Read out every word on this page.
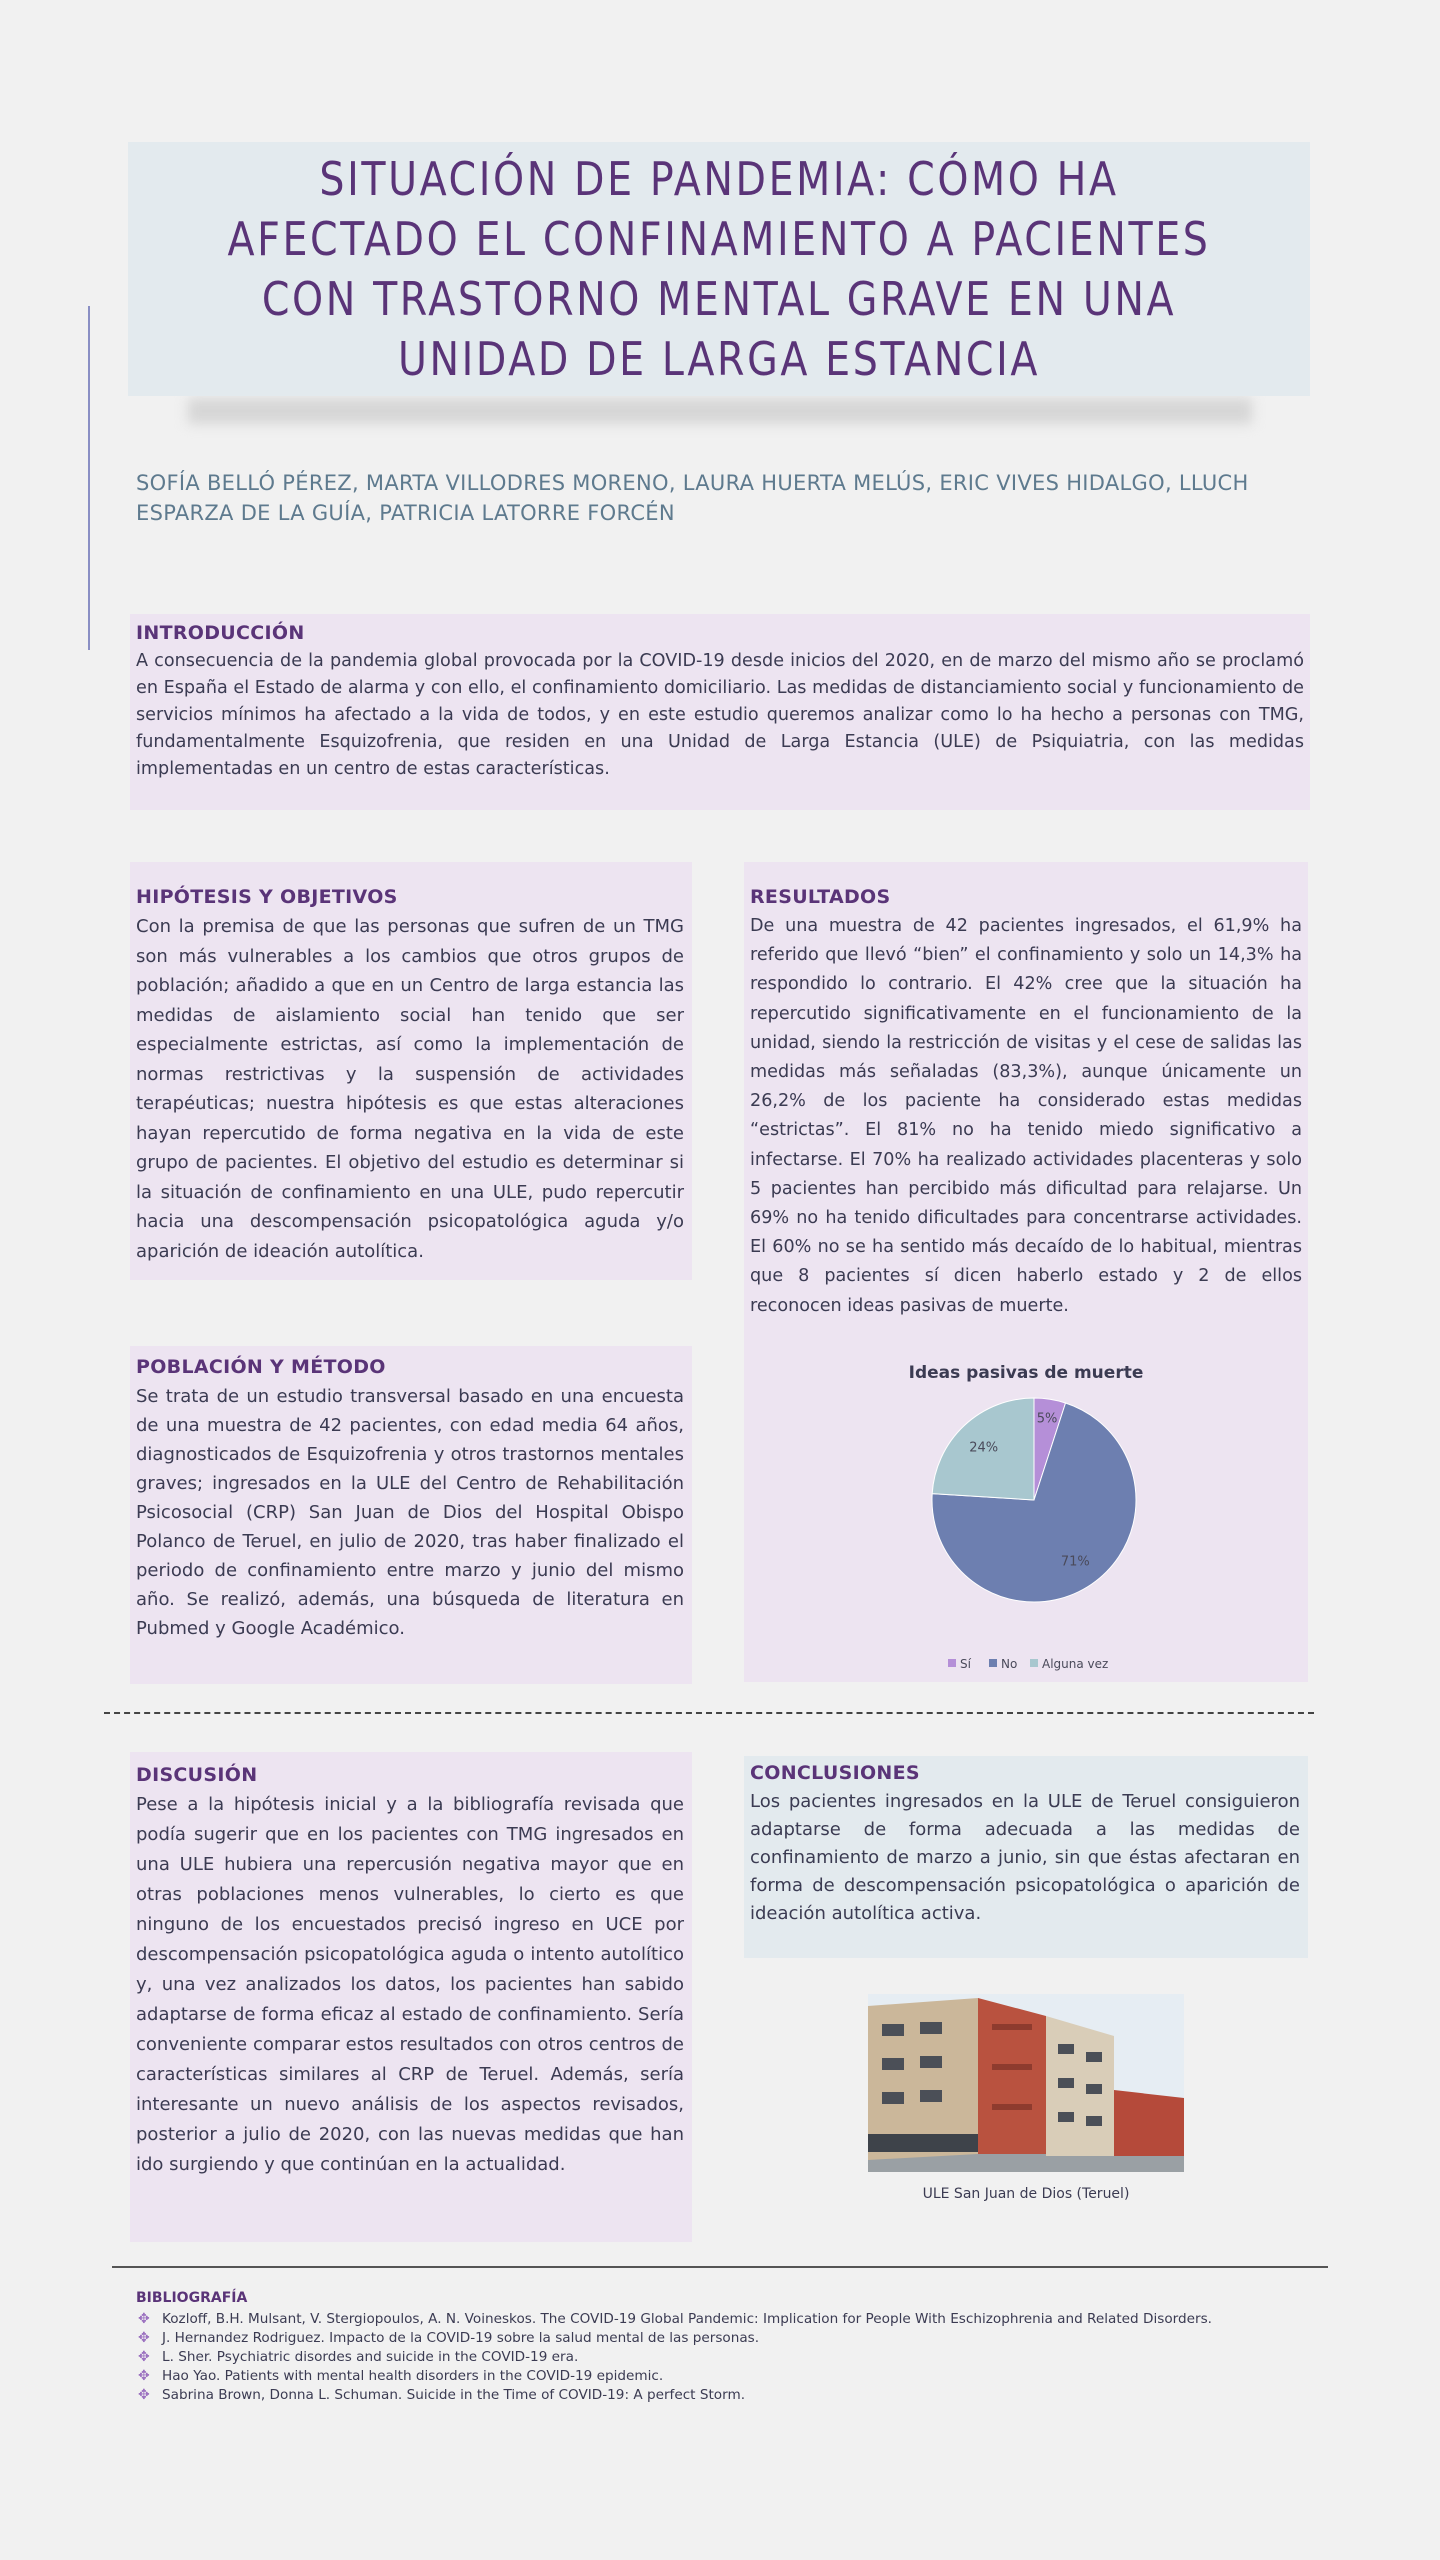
SITUACIÓN DE PANDEMIA: CÓMO HA AFECTADO EL CONFINAMIENTO A PACIENTES CON TRASTORNO MENTAL GRAVE EN UNA UNIDAD DE LARGA ESTANCIA
SOFÍA BELLÓ PÉREZ, MARTA VILLODRES MORENO, LAURA HUERTA MELÚS, ERIC VIVES HIDALGO, LLUCH ESPARZA DE LA GUÍA, PATRICIA LATORRE FORCÉN
INTRODUCCIÓN

A consecuencia de la pandemia global provocada por la COVID-19 desde inicios del 2020, en de marzo del mismo año se proclamó en España el Estado de alarma y con ello, el confinamiento domiciliario. Las medidas de distanciamiento social y funcionamiento de servicios mínimos ha afectado a la vida de todos, y en este estudio queremos analizar como lo ha hecho a personas con TMG, fundamentalmente Esquizofrenia, que residen en una Unidad de Larga Estancia (ULE) de Psiquiatria, con las medidas implementadas en un centro de estas características.

HIPÓTESIS Y OBJETIVOS

Con la premisa de que las personas que sufren de un TMG son más vulnerables a los cambios que otros grupos de población; añadido a que en un Centro de larga estancia las medidas de aislamiento social han tenido que ser especialmente estrictas, así como la implementación de normas restrictivas y la suspensión de actividades terapéuticas; nuestra hipótesis es que estas alteraciones hayan repercutido de forma negativa en la vida de este grupo de pacientes. El objetivo del estudio es determinar si la situación de confinamiento en una ULE, pudo repercutir hacia una descompensación psicopatológica aguda y/o aparición de ideación autolítica.

POBLACIÓN Y MÉTODO

Se trata de un estudio transversal basado en una encuesta de una muestra de 42 pacientes, con edad media 64 años, diagnosticados de Esquizofrenia y otros trastornos mentales graves; ingresados en la ULE del Centro de Rehabilitación Psicosocial (CRP) San Juan de Dios del Hospital Obispo Polanco de Teruel, en julio de 2020, tras haber finalizado el periodo de confinamiento entre marzo y junio del mismo año. Se realizó, además, una búsqueda de literatura en Pubmed y Google Académico.

RESULTADOS

De una muestra de 42 pacientes ingresados, el 61,9% ha referido que llevó “bien” el confinamiento y solo un 14,3% ha respondido lo contrario. El 42% cree que la situación ha repercutido significativamente en el funcionamiento de la unidad, siendo la restricción de visitas y el cese de salidas las medidas más señaladas (83,3%), aunque únicamente un 26,2% de los paciente ha considerado estas medidas “estrictas”. El 81% no ha tenido miedo significativo a infectarse. El 70% ha realizado actividades placenteras y solo 5 pacientes han percibido más dificultad para relajarse. Un 69% no ha tenido dificultades para concentrarse actividades. El 60% no se ha sentido más decaído de lo habitual, mientras que 8 pacientes sí dicen haberlo estado y 2 de ellos reconocen ideas pasivas de muerte.

Ideas pasivas de muerte
5%
71%
24%
Sí	No Alguna vez
DISCUSIÓN

Pese a la hipótesis inicial y a la bibliografía revisada que podía sugerir que en los pacientes con TMG ingresados en una ULE hubiera una repercusión negativa mayor que en otras poblaciones menos vulnerables, lo cierto es que ninguno de los encuestados precisó ingreso en UCE por descompensación psicopatológica aguda o intento autolítico y, una vez analizados los datos, los pacientes han sabido adaptarse de forma eficaz al estado de confinamiento. Sería conveniente comparar estos resultados con otros centros de características similares al CRP de Teruel. Además, sería interesante un nuevo análisis de los aspectos revisados, posterior a julio de 2020, con las nuevas medidas que han ido surgiendo y que continúan en la actualidad.

CONCLUSIONES

Los pacientes ingresados en la ULE de Teruel consiguieron adaptarse de forma adecuada a las medidas de confinamiento de marzo a junio, sin que éstas afectaran en forma de descompensación psicopatológica o aparición de ideación autolítica activa.

ULE San Juan de Dios (Teruel)
BIBLIOGRAFÍA
✥ Kozloff, B.H. Mulsant, V. Stergiopoulos, A. N. Voineskos. The COVID-19 Global Pandemic: Implication for People With Eschizophrenia and Related Disorders.
✥ J. Hernandez Rodriguez. Impacto de la COVID-19 sobre la salud mental de las personas.
✥ L. Sher. Psychiatric disordes and suicide in the COVID-19 era.
✥ Hao Yao. Patients with mental health disorders in the COVID-19 epidemic.
✥ Sabrina Brown, Donna L. Schuman. Suicide in the Time of COVID-19: A perfect Storm.
